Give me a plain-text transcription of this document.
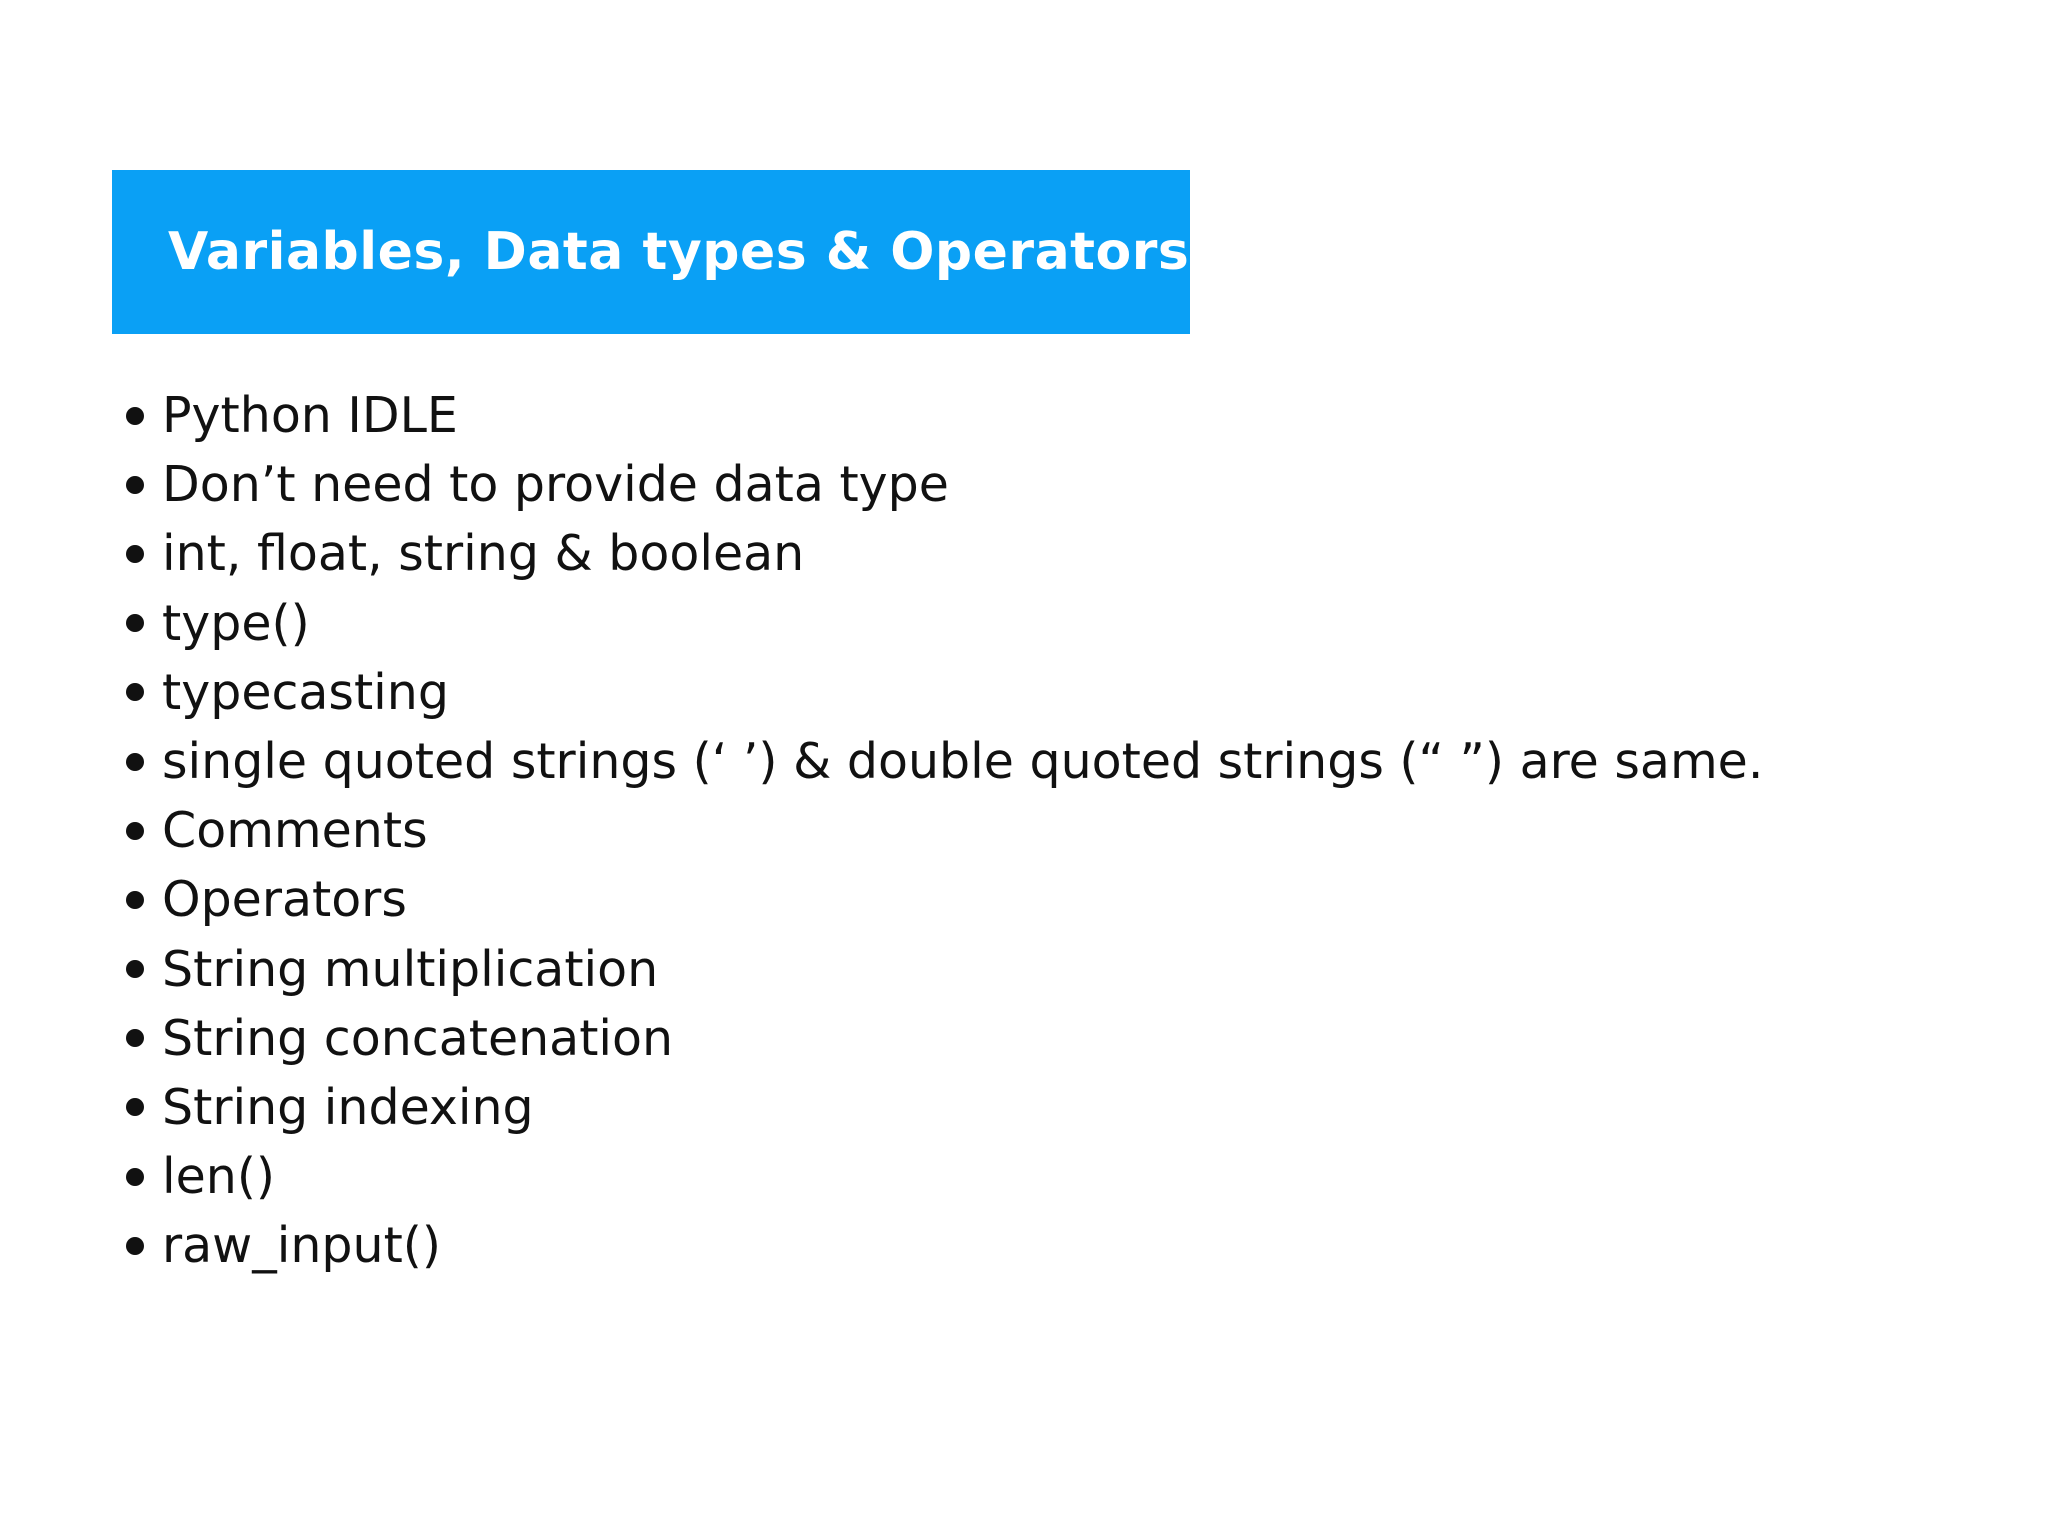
Variables, Data types & Operators
Python IDLE
Don’t need to provide data type
int, float, string & boolean
type()
typecasting
single quoted strings (‘ ’) & double quoted strings (“ ”) are same.
Comments
Operators
String multiplication
String concatenation
String indexing
len()
raw_input()
